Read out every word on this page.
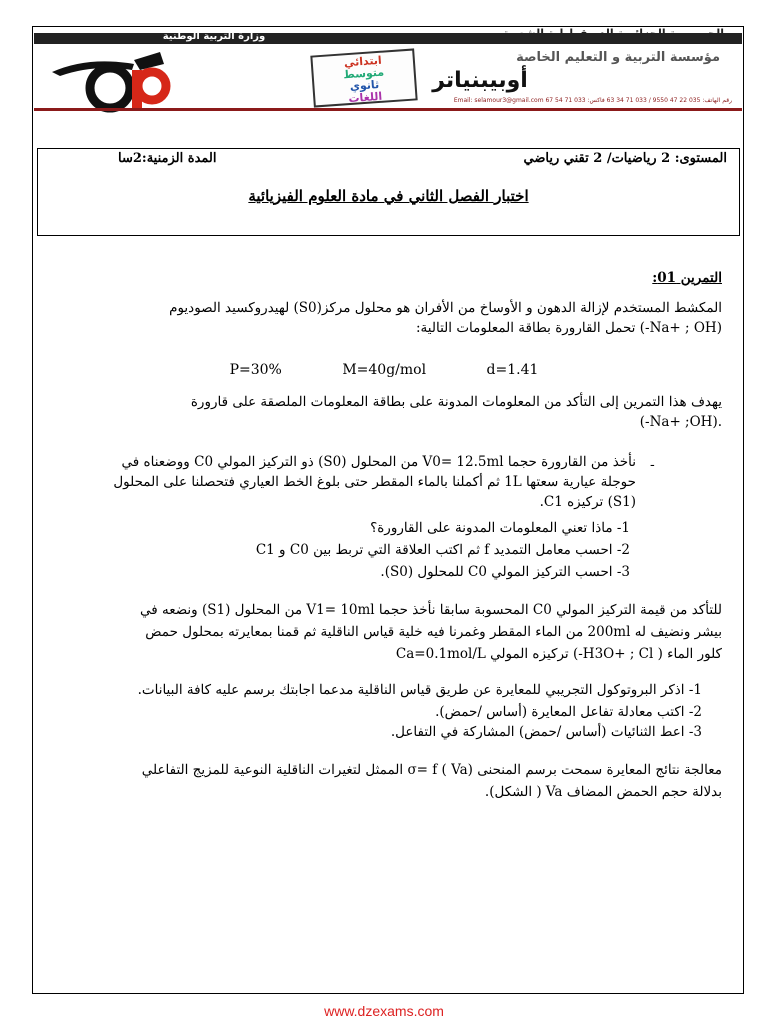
وزارة التربية الوطنية
ابتدائي
متوسط
ثانوي
اللغات
مؤسسة التربية و التعليم الخاصة
أوبيبنياتر
رقم الهاتف: 035 22 47 9550 / 033 71 34 63 فاكس: 033 71 54 67 Email: selamour3@gmail.com
المستوى: 2 رياضيات/ 2 تقني رياضي
المدة الزمنية:2سا
اختبار الفصل الثاني في مادة العلوم الفيزيائية
التمرين 01:
المكشط المستخدم لإزالة الدهون و الأوساخ من الأفران هو محلول مركز(S0) لهيدروكسيد الصوديوم
(Na+ ; OH-) تحمل القارورة بطاقة المعلومات التالية:
P=30%	M=40g/mol	d=1.41
يهدف هذا التمرين إلى التأكد من المعلومات المدونة على بطاقة المعلومات الملصقة على قارورة
.(Na+ ;OH-)
-
نأخذ من القارورة حجما V0= 12.5ml من المحلول (S0) ذو التركيز المولي C0 ووضعناه في
حوجلة عيارية سعتها 1L ثم أكملنا بالماء المقطر حتى بلوغ الخط العياري فتحصلنا على المحلول
(S1) تركيزه C1.
1- ماذا تعني المعلومات المدونة على القارورة؟
2- احسب معامل التمديد f ثم اكتب العلاقة التي تربط بين C0 و C1
3- احسب التركيز المولي C0 للمحلول (S0).
للتأكد من قيمة التركيز المولي C0 المحسوبة سابقا نأخذ حجما V1= 10ml من المحلول (S1) ونضعه في
بيشر ونضيف له 200ml من الماء المقطر وغمرنا فيه خلية قياس الناقلية ثم قمنا بمعايرته بمحلول حمض
كلور الماء ( H3O+ ; Cl-) تركيزه المولي Ca=0.1mol/L
1- اذكر البروتوكول التجريبي للمعايرة عن طريق قياس الناقلية مدعما اجابتك برسم عليه كافة البيانات.
2- اكتب معادلة تفاعل المعايرة (أساس /حمض).
3- اعط الثنائيات (أساس /حمض) المشاركة في التفاعل.
معالجة نتائج المعايرة سمحت برسم المنحنى σ= f ( Va) الممثل لتغيرات الناقلية النوعية للمزيج التفاعلي
بدلالة حجم الحمض المضاف Va ( الشكل).
www.dzexams.com
